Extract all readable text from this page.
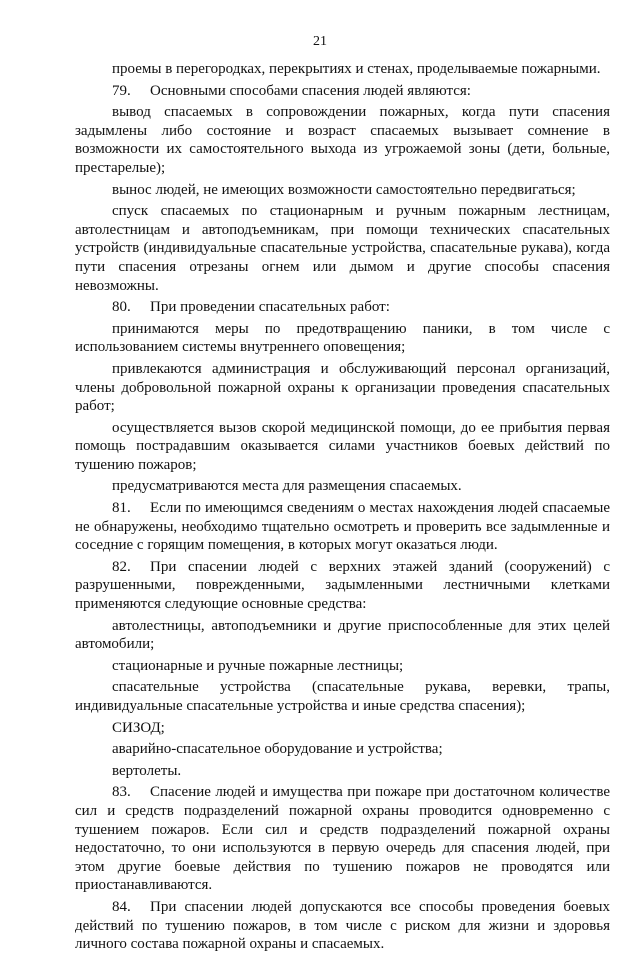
21

проемы в перегородках, перекрытиях и стенах, проделываемые пожарными.

79. Основными способами спасения людей являются:

вывод спасаемых в сопровождении пожарных, когда пути спасения задымлены либо состояние и возраст спасаемых вызывает сомнение в возможности их самостоятельного выхода из угрожаемой зоны (дети, больные, престарелые);

вынос людей, не имеющих возможности самостоятельно передвигаться;

спуск спасаемых по стационарным и ручным пожарным лестницам, автолестницам и автоподъемникам, при помощи технических спасательных устройств (индивидуальные спасательные устройства, спасательные рукава), когда пути спасения отрезаны огнем или дымом и другие способы спасения невозможны.

80. При проведении спасательных работ:

принимаются меры по предотвращению паники, в том числе с использованием системы внутреннего оповещения;

привлекаются администрация и обслуживающий персонал организаций, члены добровольной пожарной охраны к организации проведения спасательных работ;

осуществляется вызов скорой медицинской помощи, до ее прибытия первая помощь пострадавшим оказывается силами участников боевых действий по тушению пожаров;

предусматриваются места для размещения спасаемых.

81. Если по имеющимся сведениям о местах нахождения людей спасаемые не обнаружены, необходимо тщательно осмотреть и проверить все задымленные и соседние с горящим помещения, в которых могут оказаться люди.

82. При спасении людей с верхних этажей зданий (сооружений) с разрушенными, поврежденными, задымленными лестничными клетками применяются следующие основные средства:

автолестницы, автоподъемники и другие приспособленные для этих целей автомобили;

стационарные и ручные пожарные лестницы;

спасательные устройства (спасательные рукава, веревки, трапы, индивидуальные спасательные устройства и иные средства спасения);

СИЗОД;

аварийно-спасательное оборудование и устройства;

вертолеты.

83. Спасение людей и имущества при пожаре при достаточном количестве сил и средств подразделений пожарной охраны проводится одновременно с тушением пожаров. Если сил и средств подразделений пожарной охраны недостаточно, то они используются в первую очередь для спасения людей, при этом другие боевые действия по тушению пожаров не проводятся или приостанавливаются.

84. При спасении людей допускаются все способы проведения боевых действий по тушению пожаров, в том числе с риском для жизни и здоровья личного состава пожарной охраны и спасаемых.
